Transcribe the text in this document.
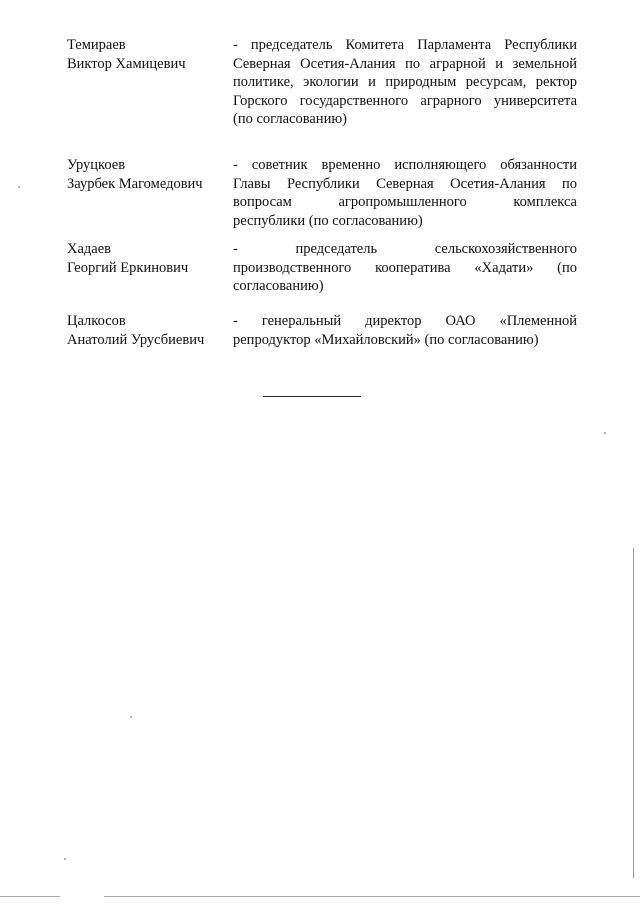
Темираев
Виктор Хамицевич
- председатель Комитета Парламента Республики
Северная Осетия-Алания по аграрной и земельной
политике, экологии и природным ресурсам, ректор
Горского государственного аграрного университета
(по согласованию)
Уруцкоев
Заурбек Магомедович
- советник временно исполняющего обязанности
Главы Республики Северная Осетия-Алания по
вопросам агропромышленного комплекса
республики (по согласованию)
Хадаев
Георгий Еркинович
- председатель сельскохозяйственного
производственного кооператива «Хадати» (по
согласованию)
Цалкосов
Анатолий Урусбиевич
- генеральный директор ОАО «Племенной
репродуктор «Михайловский» (по согласованию)
